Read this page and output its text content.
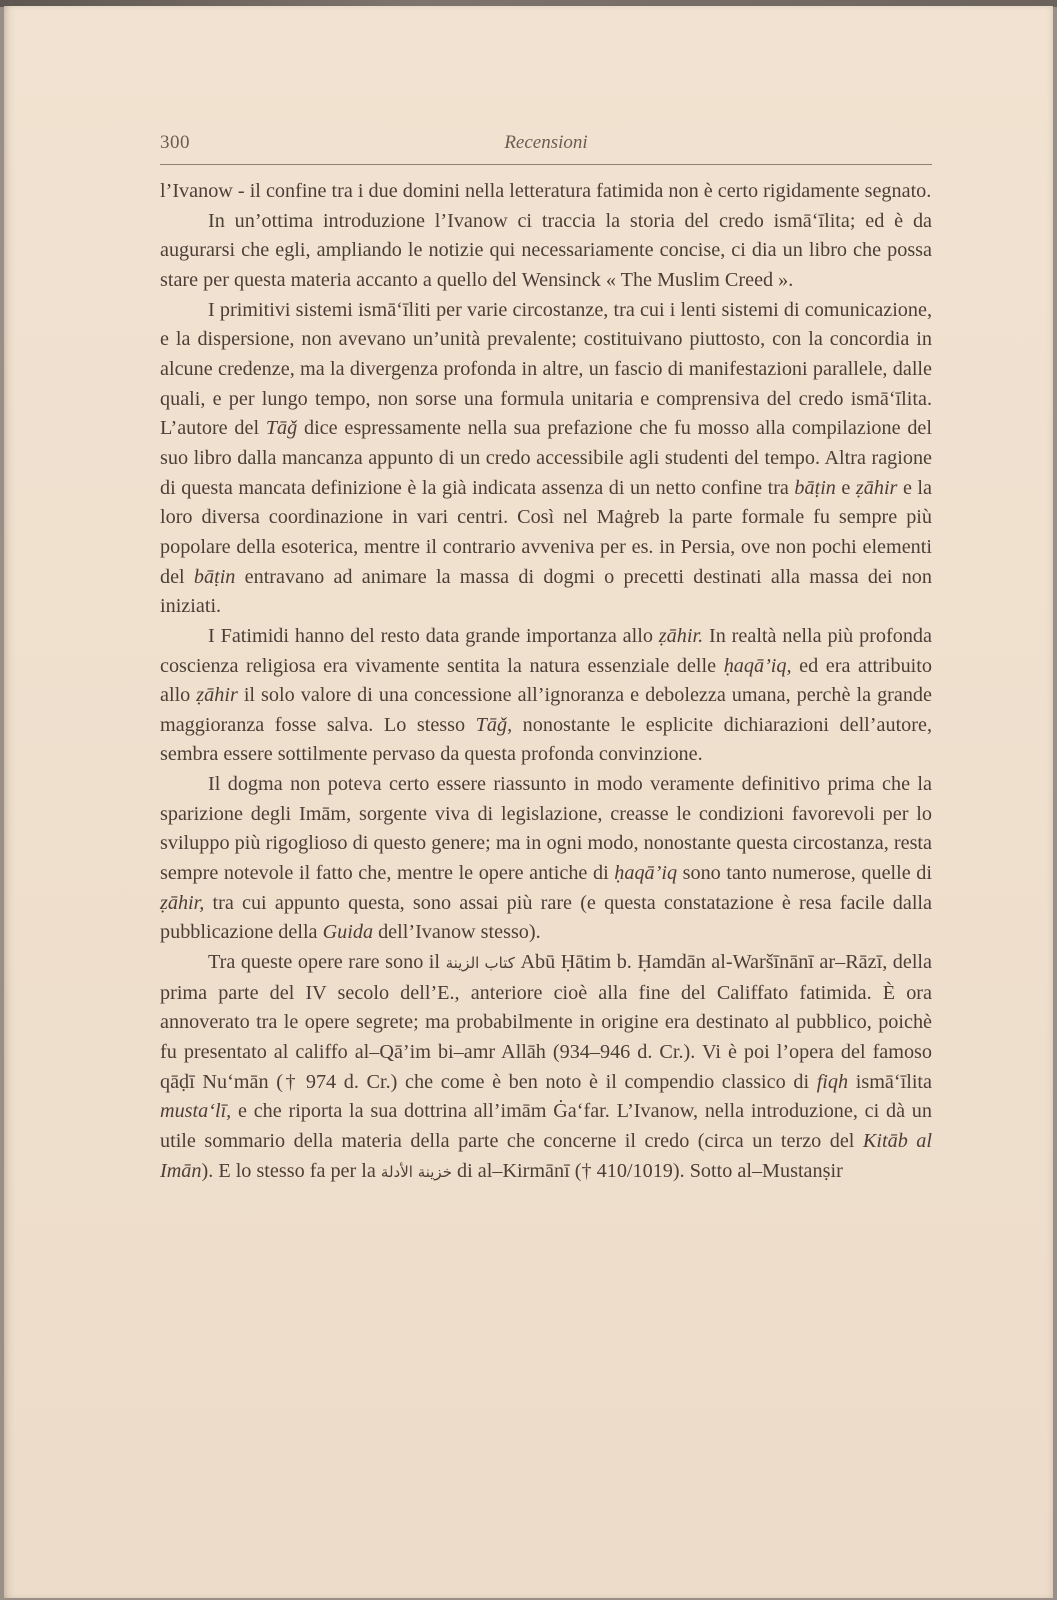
300	Recensioni

l’Ivanow - il confine tra i due domini nella letteratura fatimida non è certo rigidamente segnato.

In un’ottima introduzione l’Ivanow ci traccia la storia del credo ismā‘īlita; ed è da augurarsi che egli, ampliando le notizie qui necessariamente concise, ci dia un libro che possa stare per questa materia accanto a quello del Wensinck « The Muslim Creed ».

I primitivi sistemi ismā‘īliti per varie circostanze, tra cui i lenti sistemi di comunicazione, e la dispersione, non avevano un’unità prevalente; costituivano piuttosto, con la concordia in alcune credenze, ma la divergenza profonda in altre, un fascio di manifestazioni parallele, dalle quali, e per lungo tempo, non sorse una formula unitaria e comprensiva del credo ismā‘īlita. L’autore del Tāǧ dice espressamente nella sua prefazione che fu mosso alla compilazione del suo libro dalla mancanza appunto di un credo accessibile agli studenti del tempo. Altra ragione di questa mancata definizione è la già indicata assenza di un netto confine tra bāṭin e ẓāhir e la loro diversa coordinazione in vari centri. Così nel Maġreb la parte formale fu sempre più popolare della esoterica, mentre il contrario avveniva per es. in Persia, ove non pochi elementi del bāṭin entravano ad animare la massa di dogmi o precetti destinati alla massa dei non iniziati.

I Fatimidi hanno del resto data grande importanza allo ẓāhir. In realtà nella più profonda coscienza religiosa era vivamente sentita la natura essenziale delle ḥaqā’iq, ed era attribuito allo ẓāhir il solo valore di una concessione all’ignoranza e debolezza umana, perchè la grande maggioranza fosse salva. Lo stesso Tāǧ, nonostante le esplicite dichiarazioni dell’autore, sembra essere sottilmente pervaso da questa profonda convinzione.

Il dogma non poteva certo essere riassunto in modo veramente definitivo prima che la sparizione degli Imām, sorgente viva di legislazione, creasse le condizioni favorevoli per lo sviluppo più rigoglioso di questo genere; ma in ogni modo, nonostante questa circostanza, resta sempre notevole il fatto che, mentre le opere antiche di ḥaqā’iq sono tanto numerose, quelle di ẓāhir, tra cui appunto questa, sono assai più rare (e questa constatazione è resa facile dalla pubblicazione della Guida dell’Ivanow stesso).

Tra queste opere rare sono il كتاب الزينة Abū Ḥātim b. Ḥamdān al-Waršīnānī ar–Rāzī, della prima parte del IV secolo dell’E., anteriore cioè alla fine del Califfato fatimida. È ora annoverato tra le opere segrete; ma probabilmente in origine era destinato al pubblico, poichè fu presentato al califfo al–Qā’im bi–amr Allāh (934–946 d. Cr.). Vi è poi l’opera del famoso qāḍī Nu‘mān († 974 d. Cr.) che come è ben noto è il compendio classico di fiqh ismā‘īlita musta‘lī, e che riporta la sua dottrina all’imām Ġa‘far. L’Ivanow, nella introduzione, ci dà un utile sommario della materia della parte che concerne il credo (circa un terzo del Kitāb al Imān). E lo stesso fa per la خزينة الأدلة di al–Kirmānī († 410/1019). Sotto al–Mustanṣir
